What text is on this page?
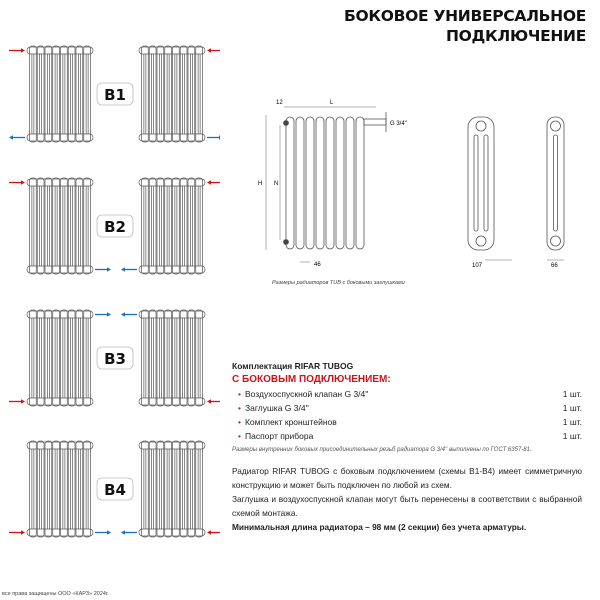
БОКОВОЕ УНИВЕРСАЛЬНОЕ
ПОДКЛЮЧЕНИЕ
B1
B2
B3
B4
12	L
G 3/4''
H N
46	107	66
Размеры радиаторов TUB с боковыми заглушками
Комплектация RIFAR TUBOG
С БОКОВЫМ ПОДКЛЮЧЕНИЕМ:
• Воздухоспускной клапан G 3/4''	1 шт.
• Заглушка G 3/4''	1 шт.
• Комплект кронштейнов	1 шт.
• Паспорт прибора	1 шт.
Размеры внутренних боковых присоединительных резьб радиатора G 3/4'' выполнены по ГОСТ 6357-81.

Радиатор RIFAR TUBOG с боковым подключением (схемы В1-В4) имеет симметричную конструкцию и может быть подключен по любой из схем.

Заглушка и воздухоспускной клапан могут быть перенесены в соответствии с выбранной схемой монтажа.

Минимальная длина радиатора – 98 мм (2 секции) без учета арматуры.

все права защищены ООО «КАРЗ» 2024г.
